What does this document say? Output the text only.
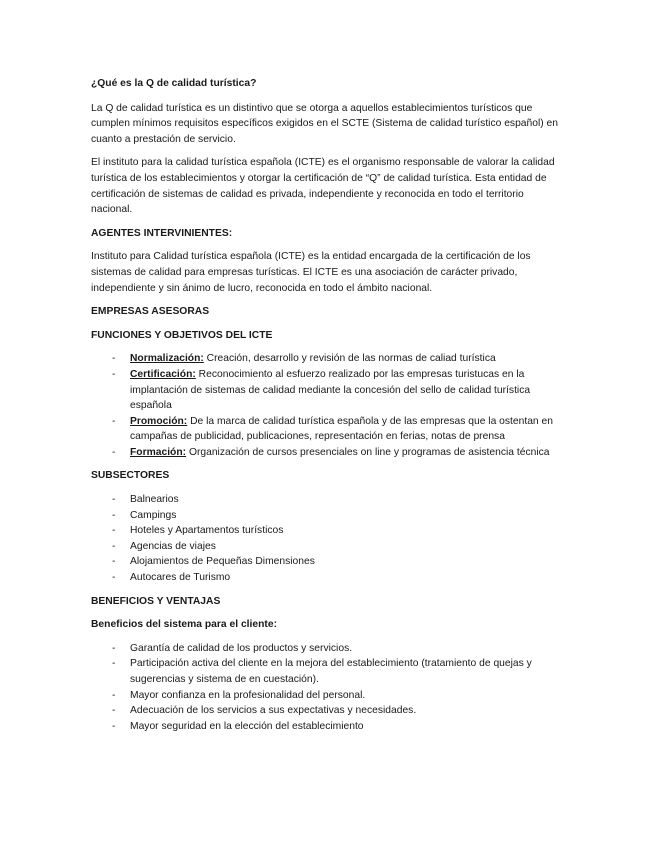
¿Qué es la Q de calidad turística?

La Q de calidad turística es un distintivo que se otorga a aquellos establecimientos turísticos que cumplen mínimos requisitos específicos exigidos en el SCTE (Sistema de calidad turístico español) en cuanto a prestación de servicio.

El instituto para la calidad turística española (ICTE) es el organismo responsable de valorar la calidad turística de los establecimientos y otorgar la certificación de “Q” de calidad turística. Esta entidad de certificación de sistemas de calidad es privada, independiente y reconocida en todo el territorio nacional.

AGENTES INTERVINIENTES:

Instituto para Calidad turística española (ICTE) es la entidad encargada de la certificación de los sistemas de calidad para empresas turísticas. El ICTE es una asociación de carácter privado, independiente y sin ánimo de lucro, reconocida en todo el ámbito nacional.

EMPRESAS ASESORAS
FUNCIONES Y OBJETIVOS DEL ICTE
- Normalización: Creación, desarrollo y revisión de las normas de caliad turística
- Certificación: Reconocimiento al esfuerzo realizado por las empresas turistucas en la implantación de sistemas de calidad mediante la concesión del sello de calidad turística española
- Promoción: De la marca de calidad turística española y de las empresas que la ostentan en campañas de publicidad, publicaciones, representación en ferias, notas de prensa
- Formación: Organización de cursos presenciales on line y programas de asistencia técnica
SUBSECTORES
- Balnearios
- Campings
- Hoteles y Apartamentos turísticos
- Agencias de viajes
- Alojamientos de Pequeñas Dimensiones
- Autocares de Turismo
BENEFICIOS Y VENTAJAS
Beneficios del sistema para el cliente:
- Garantía de calidad de los productos y servicios.
- Participación activa del cliente en la mejora del establecimiento (tratamiento de quejas y sugerencias y sistema de en cuestación).
- Mayor confianza en la profesionalidad del personal.
- Adecuación de los servicios a sus expectativas y necesidades.
- Mayor seguridad en la elección del establecimiento
